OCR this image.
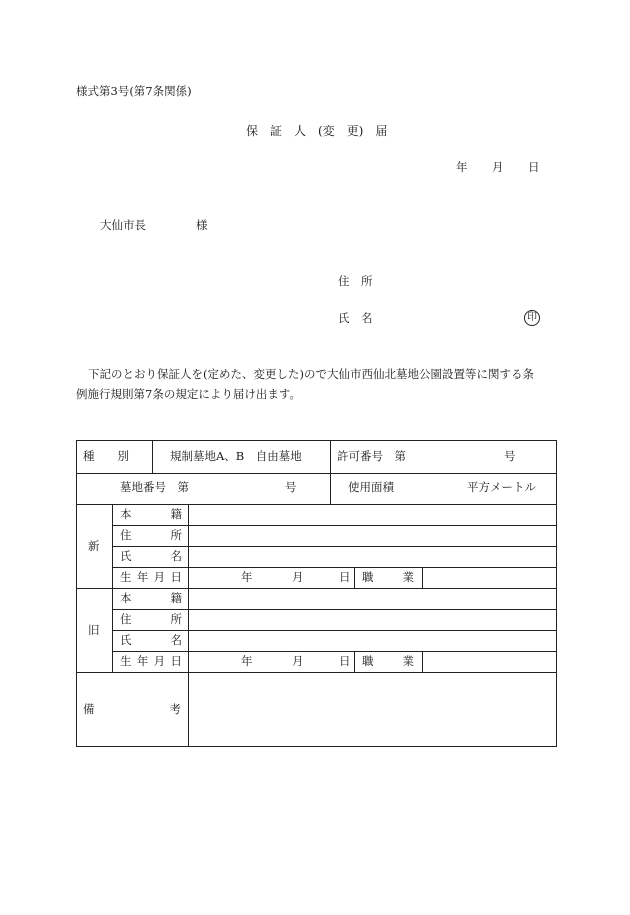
様式第3号(第7条関係)
保　証　人　(変　更)　届
年 月 日
大仙市長	様
住　所
氏　名	印
下記のとおり保証人を(定めた、変更した)ので大仙市西仙北墓地公園設置等に関する条
例施行規則第7条の規定により届け出ます。
種　　別	規制墓地A、B　自由墓地	許可番号　第	号
墓地番号　第	号	使用面積	平方メートル
新
本	籍
住	所
氏	名
生 年 月 日	年	月	日 職	業
旧
本	籍
住	所
氏	名
生 年 月 日	年	月	日 職	業
備	考
